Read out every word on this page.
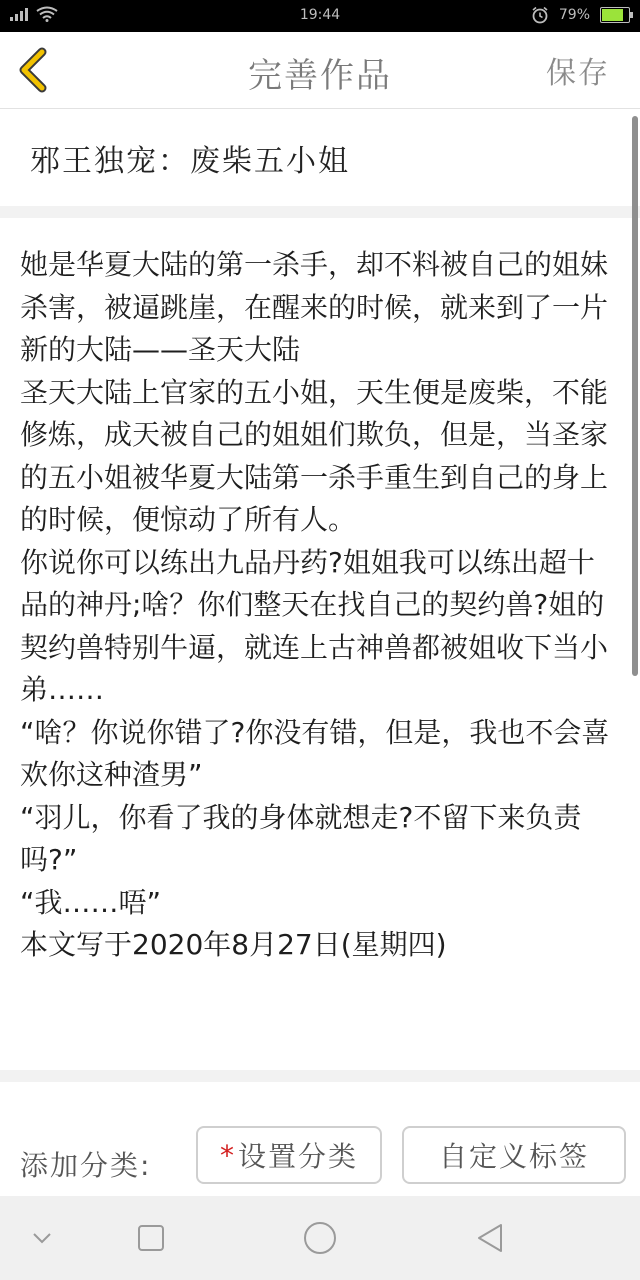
19:44	79%
完善作品	保存
邪王独宠：废柴五小姐

她是华夏大陆的第一杀手，却不料被自己的姐妹杀害，被逼跳崖，在醒来的时候，就来到了一片新的大陆——圣天大陆
圣天大陆上官家的五小姐，天生便是废柴，不能修炼，成天被自己的姐姐们欺负，但是，当圣家的五小姐被华夏大陆第一杀手重生到自己的身上的时候，便惊动了所有人。
你说你可以练出九品丹药?姐姐我可以练出超十品的神丹;啥？你们整天在找自己的契约兽?姐的契约兽特别牛逼，就连上古神兽都被姐收下当小弟……
“啥？你说你错了?你没有错，但是，我也不会喜欢你这种渣男”
“羽儿，你看了我的身体就想走?不留下来负责吗?”
“我……唔”
本文写于2020年8月27日(星期四)

添加分类: * 设置分类	自定义标签
